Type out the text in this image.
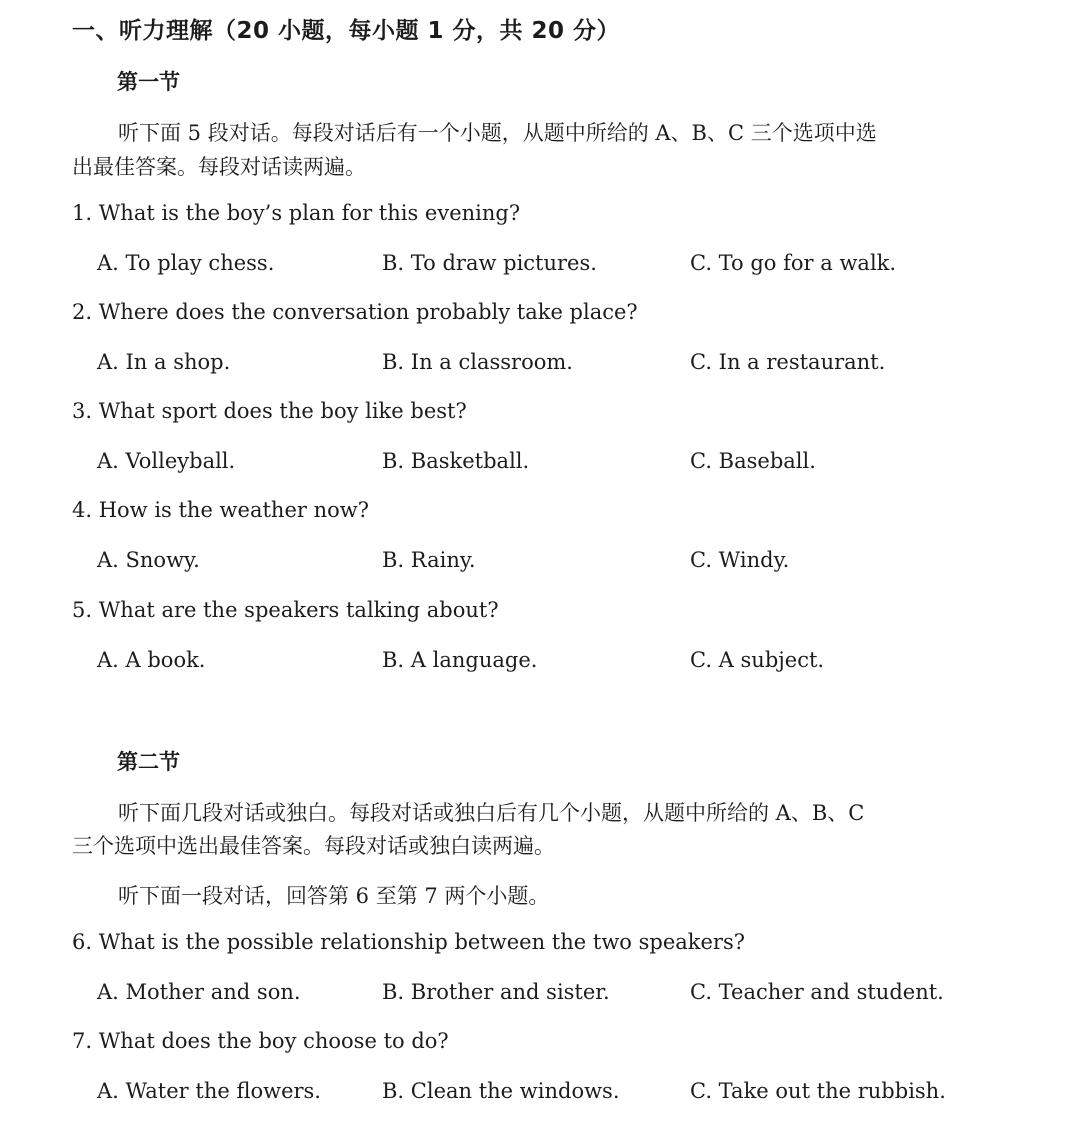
一、听力理解（20 小题，每小题 1 分，共 20 分）
第一节
听下面 5 段对话。每段对话后有一个小题，从题中所给的 A、B、C 三个选项中选
出最佳答案。每段对话读两遍。
1. What is the boy’s plan for this evening?
A. To play chess.	B. To draw pictures.	C. To go for a walk.
2. Where does the conversation probably take place?
A. In a shop.	B. In a classroom.	C. In a restaurant.
3. What sport does the boy like best?
A. Volleyball.	B. Basketball.	C. Baseball.
4. How is the weather now?
A. Snowy.	B. Rainy.	C. Windy.
5. What are the speakers talking about?
A. A book.	B. A language.	C. A subject.
第二节
听下面几段对话或独白。每段对话或独白后有几个小题，从题中所给的 A、B、C
三个选项中选出最佳答案。每段对话或独白读两遍。
听下面一段对话，回答第 6 至第 7 两个小题。
6. What is the possible relationship between the two speakers?
A. Mother and son.	B. Brother and sister.	C. Teacher and student.
7. What does the boy choose to do?
A. Water the flowers.	B. Clean the windows.	C. Take out the rubbish.
